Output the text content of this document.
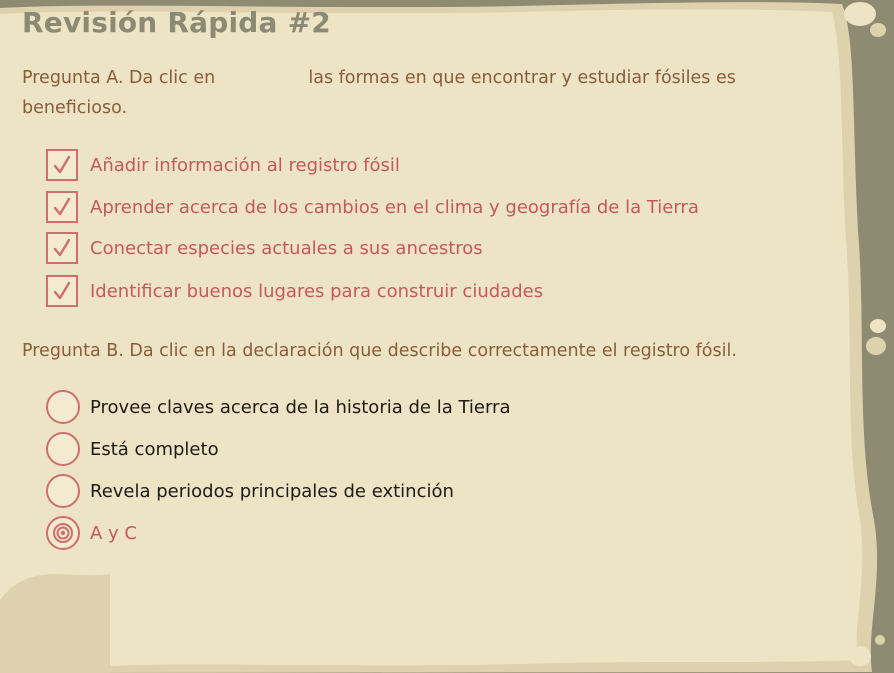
Revisión Rápida #2
Pregunta A. Da clic en	las formas en que encontrar y estudiar fósiles es beneficioso.
Añadir información al registro fósil
Aprender acerca de los cambios en el clima y geografía de la Tierra
Conectar especies actuales a sus ancestros
Identificar buenos lugares para construir ciudades
Pregunta B. Da clic en la declaración que describe correctamente el registro fósil.
Provee claves acerca de la historia de la Tierra
Está completo
Revela periodos principales de extinción
A y C
